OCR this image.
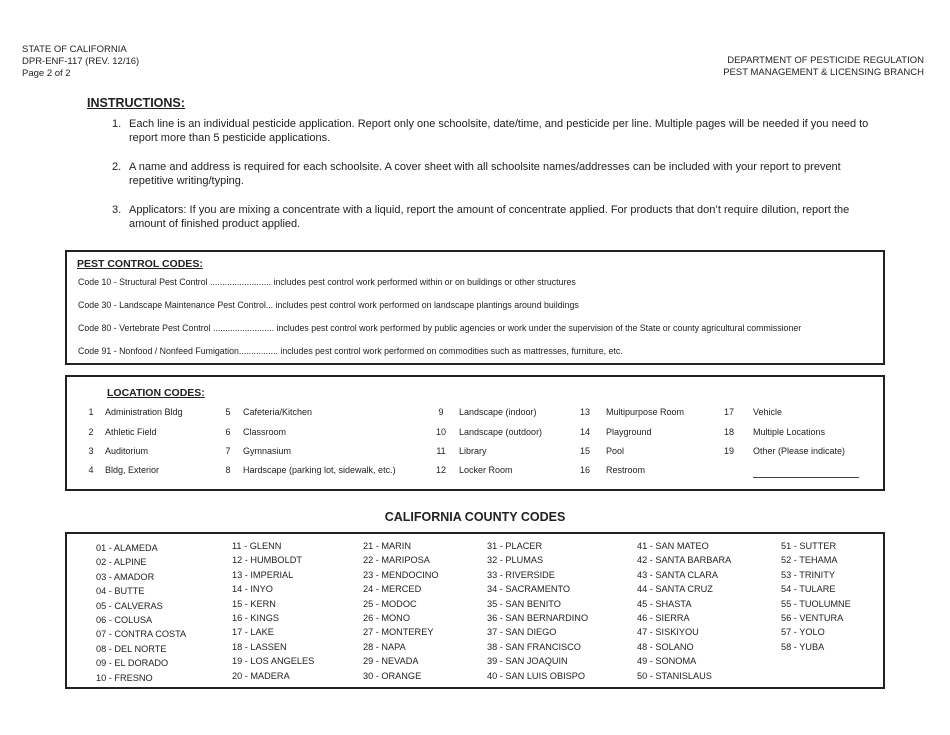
STATE OF CALIFORNIA
DPR-ENF-117 (REV. 12/16)
Page 2 of 2
DEPARTMENT OF PESTICIDE REGULATION
PEST MANAGEMENT & LICENSING BRANCH
INSTRUCTIONS:
1. Each line is an individual pesticide application. Report only one schoolsite, date/time, and pesticide per line. Multiple pages will be needed if you need to report more than 5 pesticide applications.
2. A name and address is required for each schoolsite. A cover sheet with all schoolsite names/addresses can be included with your report to prevent repetitive writing/typing.
3. Applicators: If you are mixing a concentrate with a liquid, report the amount of concentrate applied. For products that don’t require dilution, report the amount of finished product applied.
PEST CONTROL CODES:
Code 10 - Structural Pest Control ......................... includes pest control work performed within or on buildings or other structures
Code 30 - Landscape Maintenance Pest Control... includes pest control work performed on landscape plantings around buildings
Code 80 - Vertebrate Pest Control ......................... includes pest control work performed by public agencies or work under the supervision of the State or county agricultural commissioner
Code 91 - Nonfood / Nonfeed Fumigation................ includes pest control work performed on commodities such as mattresses, furniture, etc.
LOCATION CODES:
1	Administration Bldg
2	Athletic Field
3	Auditorium
4	Bldg, Exterior
5	Cafeteria/Kitchen
6	Classroom
7	Gymnasium
8	Hardscape (parking lot, sidewalk, etc.)
9	Landscape (indoor)
10	Landscape (outdoor)
11	Library
12	Locker Room
13	Multipurpose Room
14	Playground
15	Pool
16	Restroom
17	Vehicle
18	Multiple Locations
19	Other (Please indicate)
CALIFORNIA COUNTY CODES
01 - ALAMEDA
02 - ALPINE
03 - AMADOR
04 - BUTTE
05 - CALVERAS
06 - COLUSA
07 - CONTRA COSTA
08 - DEL NORTE
09 - EL DORADO
10 - FRESNO
11 - GLENN
12 - HUMBOLDT
13 - IMPERIAL
14 - INYO
15 - KERN
16 - KINGS
17 - LAKE
18 - LASSEN
19 - LOS ANGELES
20 - MADERA
21 - MARIN
22 - MARIPOSA
23 - MENDOCINO
24 - MERCED
25 - MODOC
26 - MONO
27 - MONTEREY
28 - NAPA
29 - NEVADA
30 - ORANGE
31 - PLACER
32 - PLUMAS
33 - RIVERSIDE
34 - SACRAMENTO
35 - SAN BENITO
36 - SAN BERNARDINO
37 - SAN DIEGO
38 - SAN FRANCISCO
39 - SAN JOAQUIN
40 - SAN LUIS OBISPO
41 - SAN MATEO
42 - SANTA BARBARA
43 - SANTA CLARA
44 - SANTA CRUZ
45 - SHASTA
46 - SIERRA
47 - SISKIYOU
48 - SOLANO
49 - SONOMA
50 - STANISLAUS
51 - SUTTER
52 - TEHAMA
53 - TRINITY
54 - TULARE
55 - TUOLUMNE
56 - VENTURA
57 - YOLO
58 - YUBA
